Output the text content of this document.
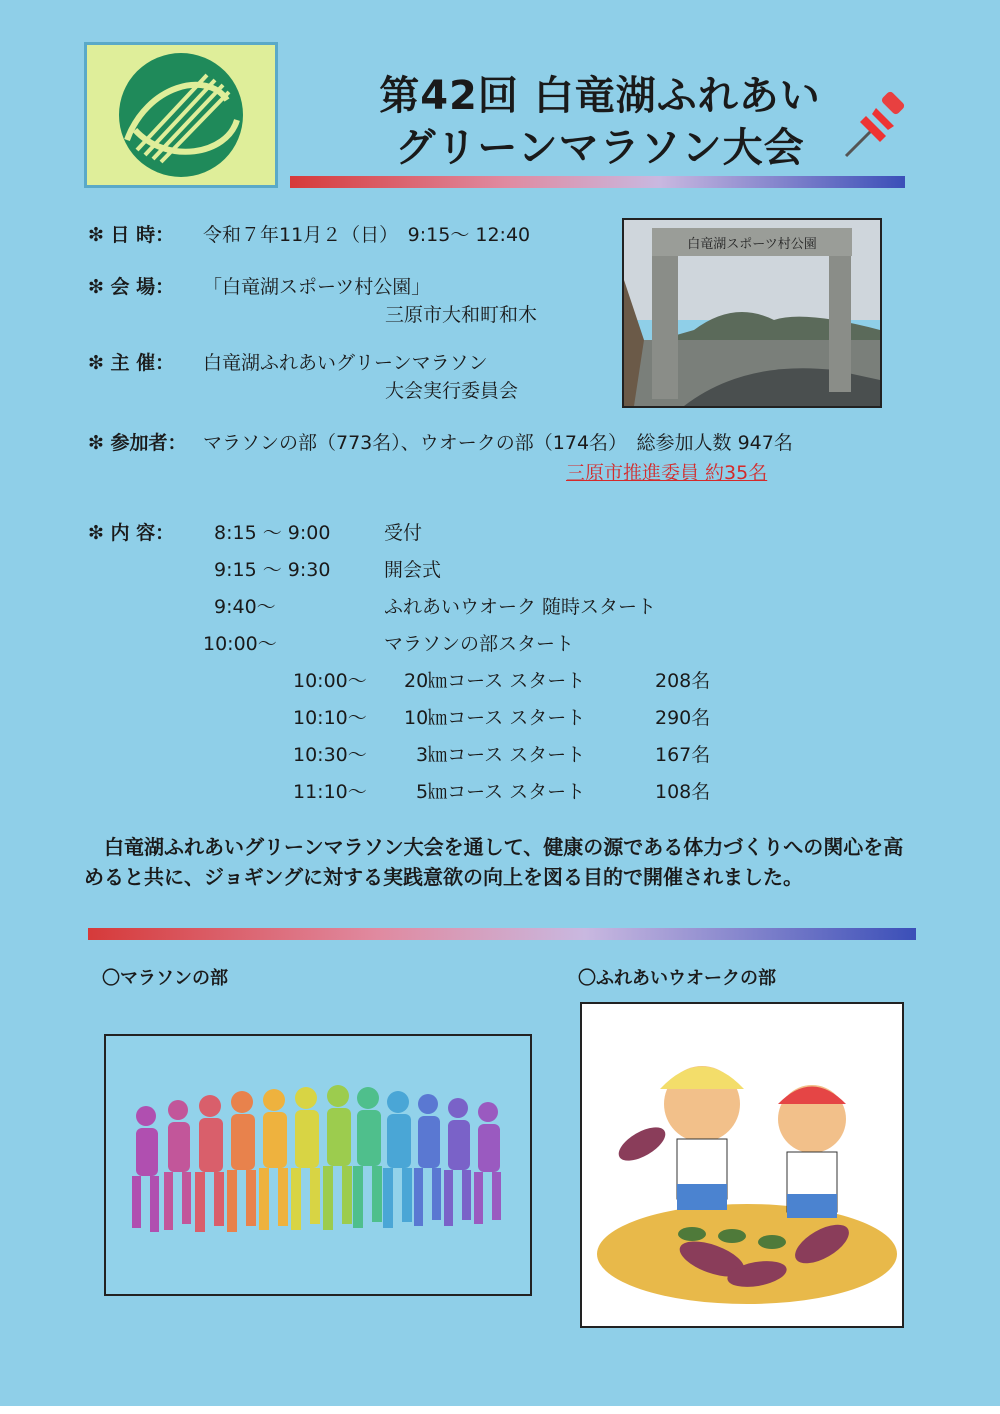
第42回 白竜湖ふれあい
グリーンマラソン大会
白竜湖スポーツ村公園
❇ 日 時： 令和７年11月２（日）　9:15～ 12:40
❇ 会 場： 「白竜湖スポーツ村公園」
三原市大和町和木
❇ 主 催： 白竜湖ふれあいグリーンマラソン
大会実行委員会
❇ 参加者： マラソンの部（773名）、ウオークの部（174名）　総参加人数 947名
三原市推進委員 約35名
❇ 内 容： 8:15 ～ 9:00	受付
9:15 ～ 9:30	開会式
9:40～	ふれあいウオーク 随時スタート
10:00～	マラソンの部スタート
10:00～ 20㎞コース スタート	208名
10:10～ 10㎞コース スタート	290名
10:30～	3㎞コース スタート	167名
11:10～	5㎞コース スタート	108名
白竜湖ふれあいグリーンマラソン大会を通して、健康の源である体力づくりへの関心を高めると共に、ジョギングに対する実践意欲の向上を図る目的で開催されました。
〇マラソンの部	〇ふれあいウオークの部
